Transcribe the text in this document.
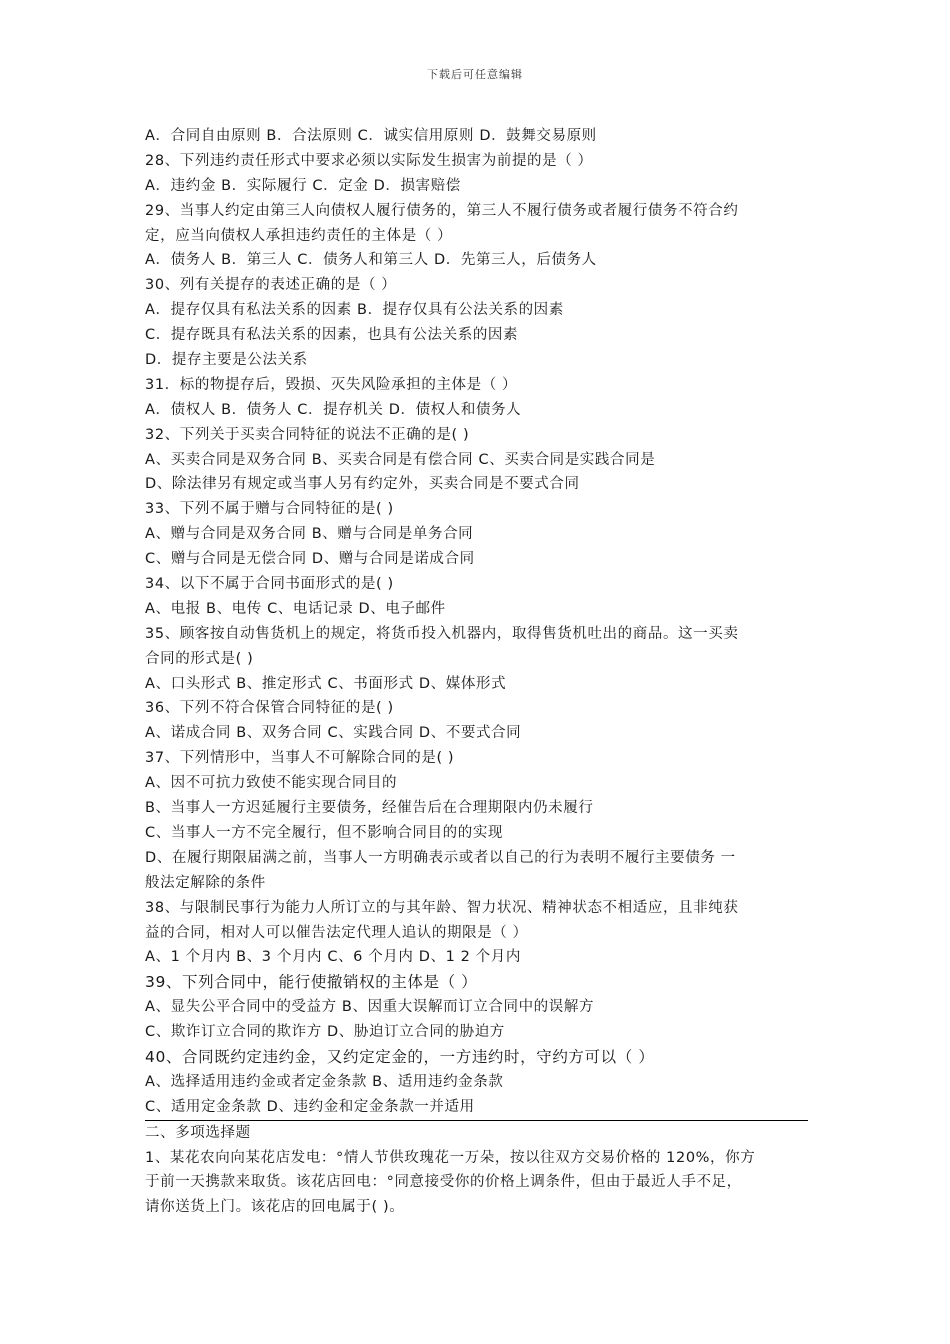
下载后可任意编辑
A．合同自由原则 B．合法原则 C．诚实信用原则 D．鼓舞交易原则
28、下列违约责任形式中要求必须以实际发生损害为前提的是（ ）
A．违约金 B．实际履行 C．定金 D．损害赔偿
29、当事人约定由第三人向债权人履行债务的，第三人不履行债务或者履行债务不符合约
定，应当向债权人承担违约责任的主体是（ ）
A．债务人 B．第三人 C．债务人和第三人 D．先第三人，后债务人
30、列有关提存的表述正确的是（ ）
A．提存仅具有私法关系的因素 B．提存仅具有公法关系的因素
C．提存既具有私法关系的因素，也具有公法关系的因素
D．提存主要是公法关系
31．标的物提存后，毁损、灭失风险承担的主体是（ ）
A．债权人 B．债务人 C．提存机关 D．债权人和债务人
32、下列关于买卖合同特征的说法不正确的是( )
A、买卖合同是双务合同 B、买卖合同是有偿合同 C、买卖合同是实践合同是
D、除法律另有规定或当事人另有约定外，买卖合同是不要式合同
33、下列不属于赠与合同特征的是( )
A、赠与合同是双务合同 B、赠与合同是单务合同
C、赠与合同是无偿合同 D、赠与合同是诺成合同
34、以下不属于合同书面形式的是( )
A、电报 B、电传 C、电话记录 D、电子邮件
35、顾客按自动售货机上的规定，将货币投入机器内，取得售货机吐出的商品。这一买卖
合同的形式是( )
A、口头形式 B、推定形式 C、书面形式 D、媒体形式
36、下列不符合保管合同特征的是( )
A、诺成合同 B、双务合同 C、实践合同 D、不要式合同
37、下列情形中，当事人不可解除合同的是( )
A、因不可抗力致使不能实现合同目的
B、当事人一方迟延履行主要债务，经催告后在合理期限内仍未履行
C、当事人一方不完全履行，但不影响合同目的的实现
D、在履行期限届满之前，当事人一方明确表示或者以自己的行为表明不履行主要债务 一
般法定解除的条件
38、与限制民事行为能力人所订立的与其年龄、智力状况、精神状态不相适应，且非纯获
益的合同，相对人可以催告法定代理人追认的期限是（ ）
A、1 个月内 B、3 个月内 C、6 个月内 D、1 2 个月内
39、下列合同中，能行使撤销权的主体是（ ）
A、显失公平合同中的受益方 B、因重大误解而订立合同中的误解方
C、欺诈订立合同的欺诈方 D、胁迫订立合同的胁迫方
40、合同既约定违约金，又约定定金的，一方违约时，守约方可以（ ）
A、选择适用违约金或者定金条款 B、适用违约金条款
C、适用定金条款 D、违约金和定金条款一并适用
二、多项选择题
1、某花农向向某花店发电：°情人节供玫瑰花一万朵，按以往双方交易价格的 120%，你方
于前一天携款来取货。该花店回电：°同意接受你的价格上调条件，但由于最近人手不足，
请你送货上门。该花店的回电属于( )。
